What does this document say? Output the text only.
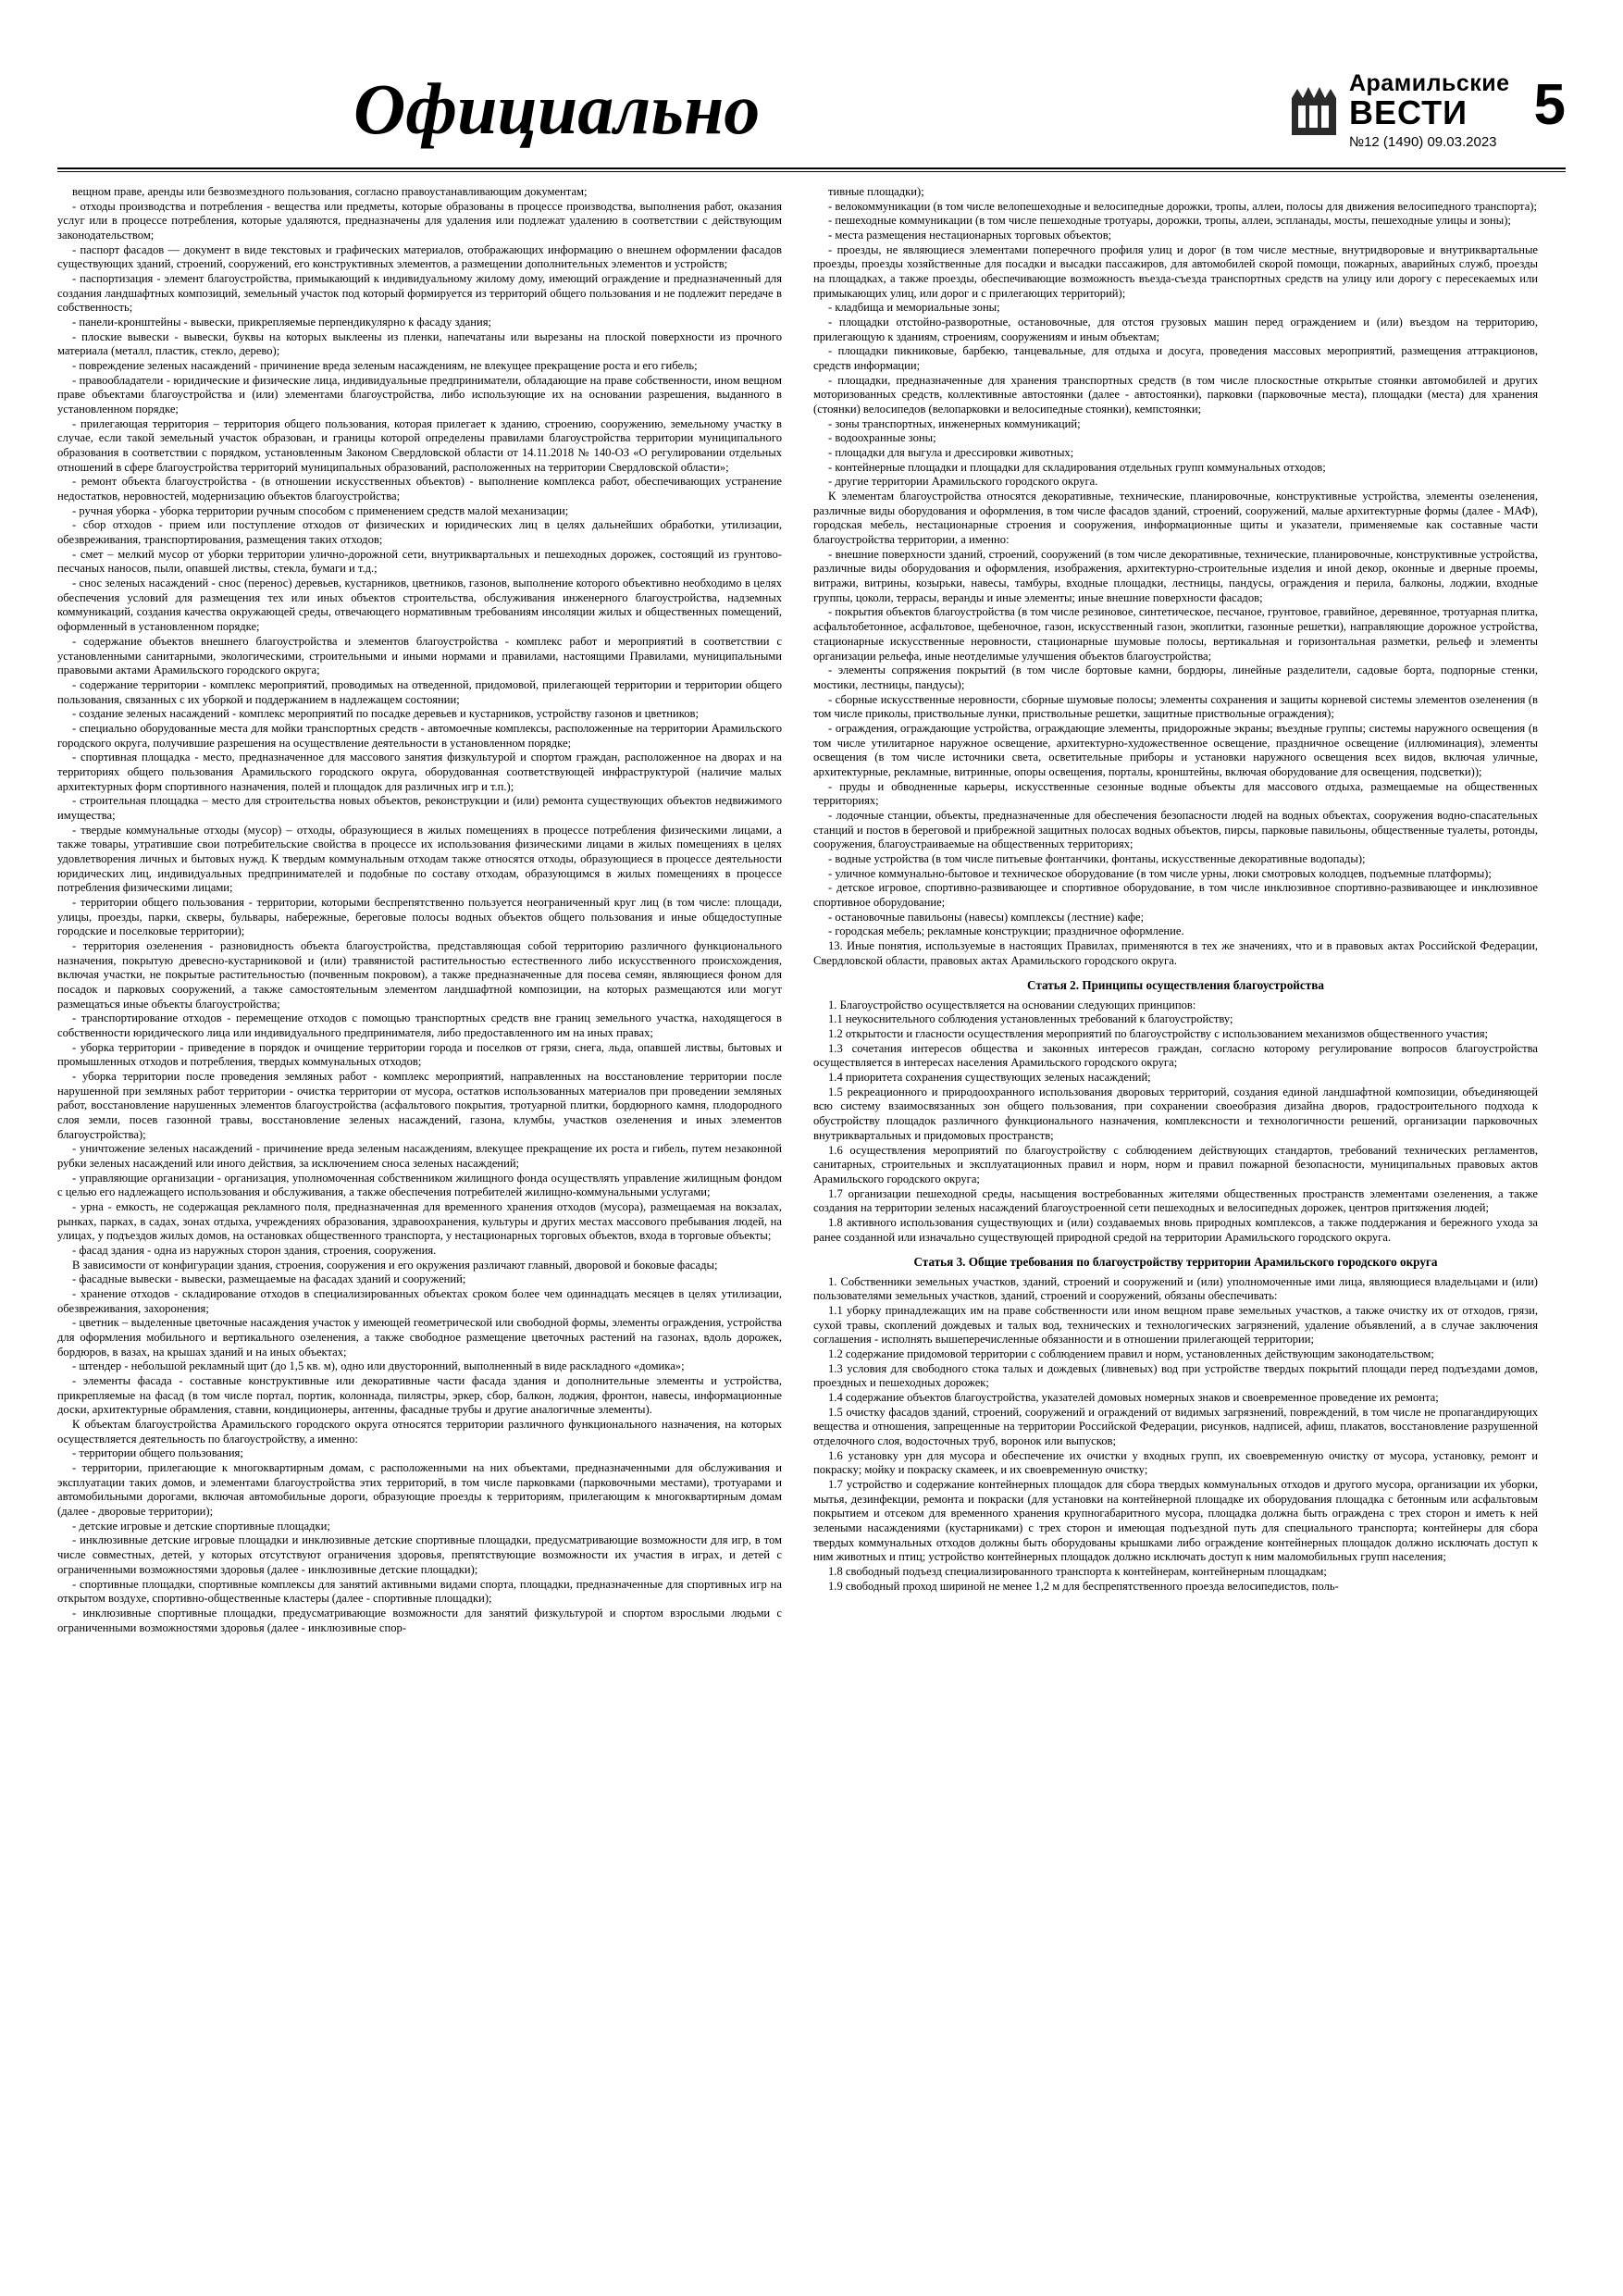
Официально	Арамильские
ВЕСТИ
№12 (1490) 09.03.2023
5

вещном праве, аренды или безвозмездного пользования, согласно правоустанавливающим документам;

- отходы производства и потребления - вещества или предметы, которые образованы в процессе производства, выполнения работ, оказания услуг или в процессе потребления, которые удаляются, предназначены для удаления или подлежат удалению в соответствии с действующим законодательством;

- паспорт фасадов — документ в виде текстовых и графических материалов, отображающих информацию о внешнем оформлении фасадов существующих зданий, строений, сооружений, его конструктивных элементов, а размещении дополнительных элементов и устройств;

- паспортизация - элемент благоустройства, примыкающий к индивидуальному жилому дому, имеющий ограждение и предназначенный для создания ландшафтных композиций, земельный участок под который формируется из территорий общего пользования и не подлежит передаче в собственность;

- панели-кронштейны - вывески, прикрепляемые перпендикулярно к фасаду здания;

- плоские вывески - вывески, буквы на которых выклеены из пленки, напечатаны или вырезаны на плоской поверхности из прочного материала (металл, пластик, стекло, дерево);

- повреждение зеленых насаждений - причинение вреда зеленым насаждениям, не влекущее прекращение роста и его гибель;

- правообладатели - юридические и физические лица, индивидуальные предприниматели, обладающие на праве собственности, ином вещном праве объектами благоустройства и (или) элементами благоустройства, либо использующие их на основании разрешения, выданного в установленном порядке;

- прилегающая территория – территория общего пользования, которая прилегает к зданию, строению, сооружению, земельному участку в случае, если такой земельный участок образован, и границы которой определены правилами благоустройства территории муниципального образования в соответствии с порядком, установленным Законом Свердловской области от 14.11.2018 № 140-ОЗ «О регулировании отдельных отношений в сфере благоустройства территорий муниципальных образований, расположенных на территории Свердловской области»;

- ремонт объекта благоустройства - (в отношении искусственных объектов) - выполнение комплекса работ, обеспечивающих устранение недостатков, неровностей, модернизацию объектов благоустройства;

- ручная уборка - уборка территории ручным способом с применением средств малой механизации;

- сбор отходов - прием или поступление отходов от физических и юридических лиц в целях дальнейших обработки, утилизации, обезвреживания, транспортирования, размещения таких отходов;

- смет – мелкий мусор от уборки территории улично-дорожной сети, внутриквартальных и пешеходных дорожек, состоящий из грунтово-песчаных наносов, пыли, опавшей листвы, стекла, бумаги и т.д.;

- снос зеленых насаждений - снос (перенос) деревьев, кустарников, цветников, газонов, выполнение которого объективно необходимо в целях обеспечения условий для размещения тех или иных объектов строительства, обслуживания инженерного благоустройства, надземных коммуникаций, создания качества окружающей среды, отвечающего нормативным требованиям инсоляции жилых и общественных помещений, оформленный в установленном порядке;

- содержание объектов внешнего благоустройства и элементов благоустройства - комплекс работ и мероприятий в соответствии с установленными санитарными, экологическими, строительными и иными нормами и правилами, настоящими Правилами, муниципальными правовыми актами Арамильского городского округа;

- содержание территории - комплекс мероприятий, проводимых на отведенной, придомовой, прилегающей территории и территории общего пользования, связанных с их уборкой и поддержанием в надлежащем состоянии;

- создание зеленых насаждений - комплекс мероприятий по посадке деревьев и кустарников, устройству газонов и цветников;

- специально оборудованные места для мойки транспортных средств - автомоечные комплексы, расположенные на территории Арамильского городского округа, получившие разрешения на осуществление деятельности в установленном порядке;

- спортивная площадка - место, предназначенное для массового занятия физкультурой и спортом граждан, расположенное на дворах и на территориях общего пользования Арамильского городского округа, оборудованная соответствующей инфраструктурой (наличие малых архитектурных форм спортивного назначения, полей и площадок для различных игр и т.п.);

- строительная площадка – место для строительства новых объектов, реконструкции и (или) ремонта существующих объектов недвижимого имущества;

- твердые коммунальные отходы (мусор) – отходы, образующиеся в жилых помещениях в процессе потребления физическими лицами, а также товары, утратившие свои потребительские свойства в процессе их использования физическими лицами в жилых помещениях в целях удовлетворения личных и бытовых нужд. К твердым коммунальным отходам также относятся отходы, образующиеся в процессе деятельности юридических лиц, индивидуальных предпринимателей и подобные по составу отходам, образующимся в жилых помещениях в процессе потребления физическими лицами;

- территории общего пользования - территории, которыми беспрепятственно пользуется неограниченный круг лиц (в том числе: площади, улицы, проезды, парки, скверы, бульвары, набережные, береговые полосы водных объектов общего пользования и иные общедоступные городские и поселковые территории);

- территория озеленения - разновидность объекта благоустройства, представляющая собой территорию различного функционального назначения, покрытую древесно-кустарниковой и (или) травянистой растительностью естественного либо искусственного происхождения, включая участки, не покрытые растительностью (почвенным покровом), а также предназначенные для посева семян, являющиеся фоном для посадок и парковых сооружений, а также самостоятельным элементом ландшафтной композиции, на которых размещаются или могут размещаться иные объекты благоустройства;

- транспортирование отходов - перемещение отходов с помощью транспортных средств вне границ земельного участка, находящегося в собственности юридического лица или индивидуального предпринимателя, либо предоставленного им на иных правах;

- уборка территории - приведение в порядок и очищение территории города и поселков от грязи, снега, льда, опавшей листвы, бытовых и промышленных отходов и потребления, твердых коммунальных отходов;

- уборка территории после проведения земляных работ - комплекс мероприятий, направленных на восстановление территории после нарушенной при земляных работ территории - очистка территории от мусора, остатков использованных материалов при проведении земляных работ, восстановление нарушенных элементов благоустройства (асфальтового покрытия, тротуарной плитки, бордюрного камня, плодородного слоя земли, посев газонной травы, восстановление зеленых насаждений, газона, клумбы, участков озеленения и иных элементов благоустройства);

- уничтожение зеленых насаждений - причинение вреда зеленым насаждениям, влекущее прекращение их роста и гибель, путем незаконной рубки зеленых насаждений или иного действия, за исключением сноса зеленых насаждений;

- управляющие организации - организация, уполномоченная собственником жилищного фонда осуществлять управление жилищным фондом с целью его надлежащего использования и обслуживания, а также обеспечения потребителей жилищно-коммунальными услугами;

- урна - емкость, не содержащая рекламного поля, предназначенная для временного хранения отходов (мусора), размещаемая на вокзалах, рынках, парках, в садах, зонах отдыха, учреждениях образования, здравоохранения, культуры и других местах массового пребывания людей, на улицах, у подъездов жилых домов, на остановках общественного транспорта, у нестационарных торговых объектов, входа в торговые объекты;

- фасад здания - одна из наружных сторон здания, строения, сооружения.

В зависимости от конфигурации здания, строения, сооружения и его окружения различают главный, дворовой и боковые фасады;

- фасадные вывески - вывески, размещаемые на фасадах зданий и сооружений;

- хранение отходов - складирование отходов в специализированных объектах сроком более чем одиннадцать месяцев в целях утилизации, обезвреживания, захоронения;

- цветник – выделенные цветочные насаждения участок у имеющей геометрической или свободной формы, элементы ограждения, устройства для оформления мобильного и вертикального озеленения, а также свободное размещение цветочных растений на газонах, вдоль дорожек, бордюров, в вазах, на крышах зданий и на иных объектах;

- штендер - небольшой рекламный щит (до 1,5 кв. м), одно или двусторонний, выполненный в виде раскладного «домика»;

- элементы фасада - составные конструктивные или декоративные части фасада здания и дополнительные элементы и устройства, прикрепляемые на фасад (в том числе портал, портик, колоннада, пилястры, эркер, сбор, балкон, лоджия, фронтон, навесы, информационные доски, архитектурные обрамления, ставни, кондиционеры, антенны, фасадные трубы и другие аналогичные элементы).

К объектам благоустройства Арамильского городского округа относятся территории различного функционального назначения, на которых осуществляется деятельность по благоустройству, а именно:

- территории общего пользования;

- территории, прилегающие к многоквартирным домам, с расположенными на них объектами, предназначенными для обслуживания и эксплуатации таких домов, и элементами благоустройства этих территорий, в том числе парковками (парковочными местами), тротуарами и автомобильными дорогами, включая автомобильные дороги, образующие проезды к территориям, прилегающим к многоквартирным домам (далее - дворовые территории);

- детские игровые и детские спортивные площадки;

- инклюзивные детские игровые площадки и инклюзивные детские спортивные площадки, предусматривающие возможности для игр, в том числе совместных, детей, у которых отсутствуют ограничения здоровья, препятствующие возможности их участия в играх, и детей с ограниченными возможностями здоровья (далее - инклюзивные детские площадки);

- спортивные площадки, спортивные комплексы для занятий активными видами спорта, площадки, предназначенные для спортивных игр на открытом воздухе, спортивно-общественные кластеры (далее - спортивные площадки);

- инклюзивные спортивные площадки, предусматривающие возможности для занятий физкультурой и спортом взрослыми людьми с ограниченными возможностями здоровья (далее - инклюзивные спор-

тивные площадки);

- велокоммуникации (в том числе велопешеходные и велосипедные дорожки, тропы, аллеи, полосы для движения велосипедного транспорта);

- пешеходные коммуникации (в том числе пешеходные тротуары, дорожки, тропы, аллеи, эспланады, мосты, пешеходные улицы и зоны);

- места размещения нестационарных торговых объектов;

- проезды, не являющиеся элементами поперечного профиля улиц и дорог (в том числе местные, внутридворовые и внутриквартальные проезды, проезды хозяйственные для посадки и высадки пассажиров, для автомобилей скорой помощи, пожарных, аварийных служб, проезды на площадках, а также проезды, обеспечивающие возможность въезда-съезда транспортных средств на улицу или дорогу с пересекаемых или примыкающих улиц, или дорог и с прилегающих территорий);

- кладбища и мемориальные зоны;

- площадки отстойно-разворотные, остановочные, для отстоя грузовых машин перед ограждением и (или) въездом на территорию, прилегающую к зданиям, строениям, сооружениям и иным объектам;

- площадки пикниковые, барбекю, танцевальные, для отдыха и досуга, проведения массовых мероприятий, размещения аттракционов, средств информации;

- площадки, предназначенные для хранения транспортных средств (в том числе плоскостные открытые стоянки автомобилей и других моторизованных средств, коллективные автостоянки (далее - автостоянки), парковки (парковочные места), площадки (места) для хранения (стоянки) велосипедов (велопарковки и велосипедные стоянки), кемпстоянки;

- зоны транспортных, инженерных коммуникаций;

- водоохранные зоны;

- площадки для выгула и дрессировки животных;

- контейнерные площадки и площадки для складирования отдельных групп коммунальных отходов;

- другие территории Арамильского городского округа.

К элементам благоустройства относятся декоративные, технические, планировочные, конструктивные устройства, элементы озеленения, различные виды оборудования и оформления, в том числе фасадов зданий, строений, сооружений, малые архитектурные формы (далее - МАФ), городская мебель, нестационарные строения и сооружения, информационные щиты и указатели, применяемые как составные части благоустройства территории, а именно:

- внешние поверхности зданий, строений, сооружений (в том числе декоративные, технические, планировочные, конструктивные устройства, различные виды оборудования и оформления, изображения, архитектурно-строительные изделия и иной декор, оконные и дверные проемы, витражи, витрины, козырьки, навесы, тамбуры, входные площадки, лестницы, пандусы, ограждения и перила, балконы, лоджии, входные группы, цоколи, террасы, веранды и иные элементы; иные внешние поверхности фасадов;

- покрытия объектов благоустройства (в том числе резиновое, синтетическое, песчаное, грунтовое, гравийное, деревянное, тротуарная плитка, асфальтобетонное, асфальтовое, щебеночное, газон, искусственный газон, экоплитки, газонные решетки), направляющие дорожное устройства, стационарные искусственные неровности, стационарные шумовые полосы, вертикальная и горизонтальная разметки, рельеф и элементы организации рельефа, иные неотделимые улучшения объектов благоустройства;

- элементы сопряжения покрытий (в том числе бортовые камни, бордюры, линейные разделители, садовые борта, подпорные стенки, мостики, лестницы, пандусы);

- сборные искусственные неровности, сборные шумовые полосы; элементы сохранения и защиты корневой системы элементов озеленения (в том числе приколы, приствольные лунки, приствольные решетки, защитные приствольные ограждения);

- ограждения, ограждающие устройства, ограждающие элементы, придорожные экраны; въездные группы; системы наружного освещения (в том числе утилитарное наружное освещение, архитектурно-художественное освещение, праздничное освещение (иллюминация), элементы освещения (в том числе источники света, осветительные приборы и установки наружного освещения всех видов, включая уличные, архитектурные, рекламные, витринные, опоры освещения, порталы, кронштейны, включая оборудование для освещения, подсветки));

- пруды и обводненные карьеры, искусственные сезонные водные объекты для массового отдыха, размещаемые на общественных территориях;

- лодочные станции, объекты, предназначенные для обеспечения безопасности людей на водных объектах, сооружения водно-спасательных станций и постов в береговой и прибрежной защитных полосах водных объектов, пирсы, парковые павильоны, общественные туалеты, ротонды, сооружения, благоустраиваемые на общественных территориях;

- водные устройства (в том числе питьевые фонтанчики, фонтаны, искусственные декоративные водопады);

- уличное коммунально-бытовое и техническое оборудование (в том числе урны, люки смотровых колодцев, подъемные платформы);

- детское игровое, спортивно-развивающее и спортивное оборудование, в том числе инклюзивное спортивно-развивающее и инклюзивное спортивное оборудование;

- остановочные павильоны (навесы) комплексы (лестние) кафе;

- городская мебель; рекламные конструкции; праздничное оформление.

13. Иные понятия, используемые в настоящих Правилах, применяются в тех же значениях, что и в правовых актах Российской Федерации, Свердловской области, правовых актах Арамильского городского округа.

Статья 2. Принципы осуществления благоустройства

1. Благоустройство осуществляется на основании следующих принципов:

1.1 неукоснительного соблюдения установленных требований к благоустройству;

1.2 открытости и гласности осуществления мероприятий по благоустройству с использованием механизмов общественного участия;

1.3 сочетания интересов общества и законных интересов граждан, согласно которому регулирование вопросов благоустройства осуществляется в интересах населения Арамильского городского округа;

1.4 приоритета сохранения существующих зеленых насаждений;

1.5 рекреационного и природоохранного использования дворовых территорий, создания единой ландшафтной композиции, объединяющей всю систему взаимосвязанных зон общего пользования, при сохранении своеобразия дизайна дворов, градостроительного подхода к обустройству площадок различного функционального назначения, комплексности и технологичности решений, организации парковочных внутриквартальных и придомовых пространств;

1.6 осуществления мероприятий по благоустройству с соблюдением действующих стандартов, требований технических регламентов, санитарных, строительных и эксплуатационных правил и норм, норм и правил пожарной безопасности, муниципальных правовых актов Арамильского городского округа;

1.7 организации пешеходной среды, насыщения востребованных жителями общественных пространств элементами озеленения, а также создания на территории зеленых насаждений благоустроенной сети пешеходных и велосипедных дорожек, центров притяжения людей;

1.8 активного использования существующих и (или) создаваемых вновь природных комплексов, а также поддержания и бережного ухода за ранее созданной или изначально существующей природной средой на территории Арамильского городского округа.

Статья 3. Общие требования по благоустройству территории Арамильского городского округа

1. Собственники земельных участков, зданий, строений и сооружений и (или) уполномоченные ими лица, являющиеся владельцами и (или) пользователями земельных участков, зданий, строений и сооружений, обязаны обеспечивать:

1.1 уборку принадлежащих им на праве собственности или ином вещном праве земельных участков, а также очистку их от отходов, грязи, сухой травы, скоплений дождевых и талых вод, технических и технологических загрязнений, удаление объявлений, а в случае заключения соглашения - исполнять вышеперечисленные обязанности и в отношении прилегающей территории;

1.2 содержание придомовой территории с соблюдением правил и норм, установленных действующим законодательством;

1.3 условия для свободного стока талых и дождевых (ливневых) вод при устройстве твердых покрытий площади перед подъездами домов, проездных и пешеходных дорожек;

1.4 содержание объектов благоустройства, указателей домовых номерных знаков и своевременное проведение их ремонта;

1.5 очистку фасадов зданий, строений, сооружений и ограждений от видимых загрязнений, повреждений, в том числе не пропагандирующих вещества и отношения, запрещенные на территории Российской Федерации, рисунков, надписей, афиш, плакатов, восстановление разрушенной отделочного слоя, водосточных труб, воронок или выпусков;

1.6 установку урн для мусора и обеспечение их очистки у входных групп, их своевременную очистку от мусора, установку, ремонт и покраску; мойку и покраску скамеек, и их своевременную очистку;

1.7 устройство и содержание контейнерных площадок для сбора твердых коммунальных отходов и другого мусора, организации их уборки, мытья, дезинфекции, ремонта и покраски (для установки на контейнерной площадке их оборудования площадка с бетонным или асфальтовым покрытием и отсеком для временного хранения крупногабаритного мусора, площадка должна быть ограждена с трех сторон и иметь к ней зелеными насаждениями (кустарниками) с трех сторон и имеющая подъездной путь для специального транспорта; контейнеры для сбора твердых коммунальных отходов должны быть оборудованы крышками либо ограждение контейнерных площадок должно исключать доступ к ним животных и птиц; устройство контейнерных площадок должно исключать доступ к ним маломобильных групп населения;

1.8 свободный подъезд специализированного транспорта к контейнерам, контейнерным площадкам;

1.9 свободный проход шириной не менее 1,2 м для беспрепятственного проезда велосипедистов, поль-
